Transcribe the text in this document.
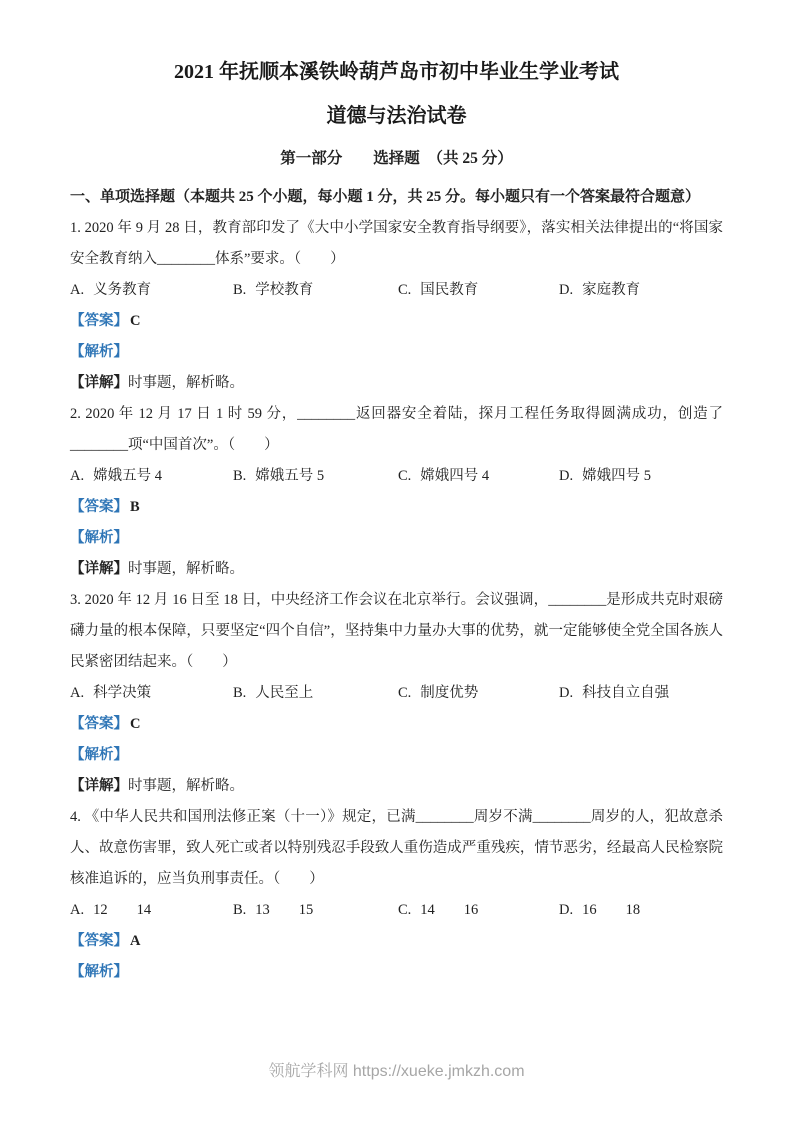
2021 年抚顺本溪铁岭葫芦岛市初中毕业生学业考试
道德与法治试卷
第一部分　　选择题　（共 25 分）
一、单项选择题（本题共 25 个小题，每小题 1 分，共 25 分。每小题只有一个答案最符合题意）

1. 2020 年 9 月 28 日，教育部印发了《大中小学国家安全教育指导纲要》，落实相关法律提出的“将国家安全教育纳入________体系”要求。（　　）

A. 义务教育	B. 学校教育	C. 国民教育	D. 家庭教育

【答案】 C

【解析】

【详解】时事题，解析略。

2. 2020 年 12 月 17 日 1 时 59 分，________返回器安全着陆，探月工程任务取得圆满成功，创造了________项“中国首次”。（　　）

A. 嫦娥五号 4	B. 嫦娥五号 5	C. 嫦娥四号 4	D. 嫦娥四号 5

【答案】 B

【解析】

【详解】时事题，解析略。

3. 2020 年 12 月 16 日至 18 日，中央经济工作会议在北京举行。会议强调，________是形成共克时艰磅礴力量的根本保障，只要坚定“四个自信”，坚持集中力量办大事的优势，就一定能够使全党全国各族人民紧密团结起来。（　　）

A. 科学决策	B. 人民至上	C. 制度优势	D. 科技自立自强

【答案】 C

【解析】

【详解】时事题，解析略。

4. 《中华人民共和国刑法修正案（十一）》规定，已满________周岁不满________周岁的人，犯故意杀人、故意伤害罪，致人死亡或者以特别残忍手段致人重伤造成严重残疾，情节恶劣，经最高人民检察院核准追诉的，应当负刑事责任。（　　）

A. 12　　14	B. 13　　15	C. 14　　16	D. 16　　18

【答案】 A

【解析】

领航学科网 https://xueke.jmkzh.com
